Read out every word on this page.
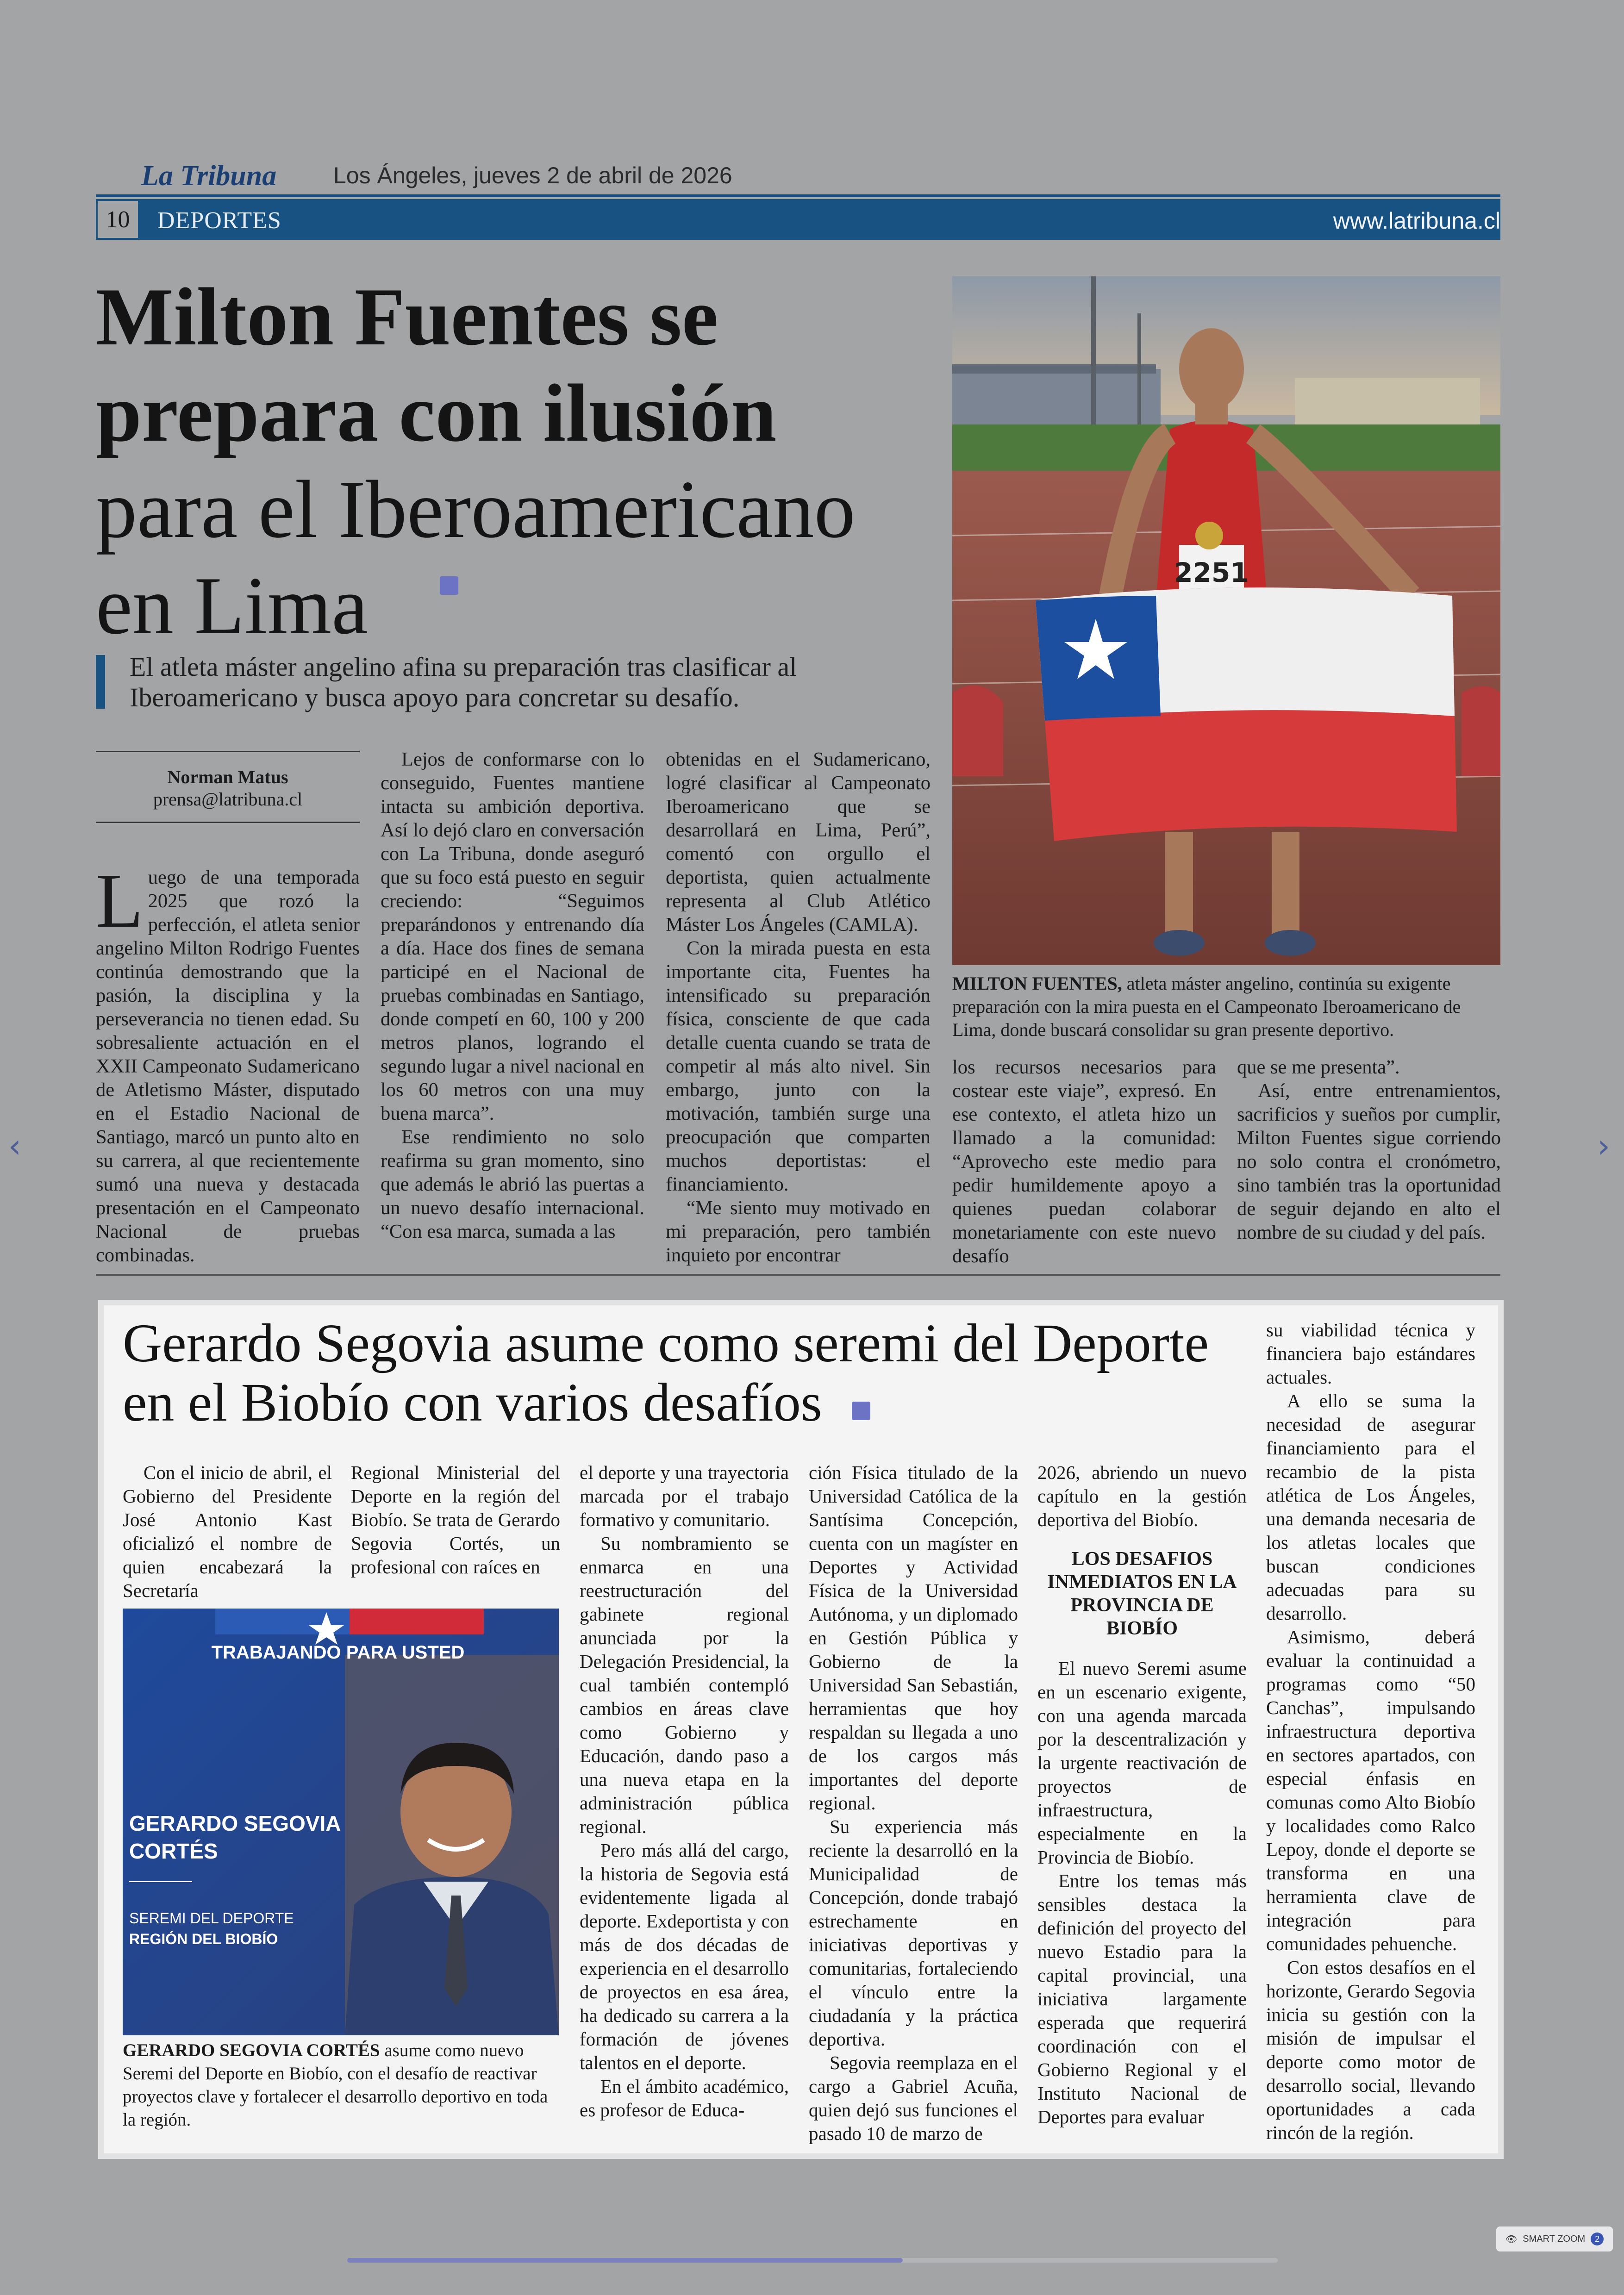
La Tribuna Los Ángeles, jueves 2 de abril de 2026
10 DEPORTES	www.latribuna.cl
Milton Fuentes se
prepara con ilusión
para el Iberoamericano
en Lima
El atleta máster angelino afina su preparación tras clasificar al Iberoamericano y busca apoyo para concretar su desafío.
Norman Matus
prensa@latribuna.cl

Luego de una temporada 2025 que rozó la perfección, el atleta senior angelino Milton Rodrigo Fuentes continúa demostrando que la pasión, la disciplina y la perseverancia no tienen edad. Su sobresaliente actuación en el XXII Campeonato Sudamericano de Atletismo Máster, disputado en el Estadio Nacional de Santiago, marcó un punto alto en su carrera, al que recientemente sumó una nueva y destacada presentación en el Campeonato Nacional de pruebas combinadas.

Lejos de conformarse con lo conseguido, Fuentes mantiene intacta su ambición deportiva. Así lo dejó claro en conversación con La Tribuna, donde aseguró que su foco está puesto en seguir creciendo: “Seguimos preparándonos y entrenando día a día. Hace dos fines de semana participé en el Nacional de pruebas combinadas en Santiago, donde competí en 60, 100 y 200 metros planos, logrando el segundo lugar a nivel nacional en los 60 metros con una muy buena marca”.

Ese rendimiento no solo reafirma su gran momento, sino que además le abrió las puertas a un nuevo desafío internacional. “Con esa marca, sumada a las

obtenidas en el Sudamericano, logré clasificar al Campeonato Iberoamericano que se desarrollará en Lima, Perú”, comentó con orgullo el deportista, quien actualmente representa al Club Atlético Máster Los Ángeles (CAMLA).

Con la mirada puesta en esta importante cita, Fuentes ha intensificado su preparación física, consciente de que cada detalle cuenta cuando se trata de competir al más alto nivel. Sin embargo, junto con la motivación, también surge una preocupación que comparten muchos deportistas: el financiamiento.

“Me siento muy motivado en mi preparación, pero también inquieto por encontrar

2251
MILTON FUENTES, atleta máster angelino, continúa su exigente preparación con la mira puesta en el Campeonato Iberoamericano de Lima, donde buscará consolidar su gran presente deportivo.

los recursos necesarios para costear este viaje”, expresó. En ese contexto, el atleta hizo un llamado a la comunidad: “Aprovecho este medio para pedir humildemente apoyo a quienes puedan colaborar monetariamente con este nuevo desafío

que se me presenta”.

Así, entre entrenamientos, sacrificios y sueños por cumplir, Milton Fuentes sigue corriendo no solo contra el cronómetro, sino también tras la oportunidad de seguir dejando en alto el nombre de su ciudad y del país.

Gerardo Segovia asume como seremi del Deporte
en el Biobío con varios desafíos

Con el inicio de abril, el Gobierno del Presidente José Antonio Kast oficializó el nombre de quien encabezará la Secretaría

Regional Ministerial del Deporte en la región del Biobío. Se trata de Gerardo Segovia Cortés, un profesional con raíces en

TRABAJANDO PARA USTED
GERARDO SEGOVIA
CORTÉS
SEREMI DEL DEPORTE
REGIÓN DEL BIOBÍO
GERARDO SEGOVIA CORTÉS asume como nuevo Seremi del Deporte en Biobío, con el desafío de reactivar proyectos clave y fortalecer el desarrollo deportivo en toda la región.

el deporte y una trayectoria marcada por el trabajo formativo y comunitario.

Su nombramiento se enmarca en una reestructuración del gabinete regional anunciada por la Delegación Presidencial, la cual también contempló cambios en áreas clave como Gobierno y Educación, dando paso a una nueva etapa en la administración pública regional.

Pero más allá del cargo, la historia de Segovia está evidentemente ligada al deporte. Exdeportista y con más de dos décadas de experiencia en el desarrollo de proyectos en esa área, ha dedicado su carrera a la formación de jóvenes talentos en el deporte.

En el ámbito académico, es profesor de Educa-

ción Física titulado de la Universidad Católica de la Santísima Concepción, cuenta con un magíster en Deportes y Actividad Física de la Universidad Autónoma, y un diplomado en Gestión Pública y Gobierno de la Universidad San Sebastián, herramientas que hoy respaldan su llegada a uno de los cargos más importantes del deporte regional.

Su experiencia más reciente la desarrolló en la Municipalidad de Concepción, donde trabajó estrechamente en iniciativas deportivas y comunitarias, fortaleciendo el vínculo entre la ciudadanía y la práctica deportiva.

Segovia reemplaza en el cargo a Gabriel Acuña, quien dejó sus funciones el pasado 10 de marzo de

2026, abriendo un nuevo capítulo en la gestión deportiva del Biobío.

LOS DESAFIOS INMEDIATOS EN LA PROVINCIA DE BIOBÍO

El nuevo Seremi asume en un escenario exigente, con una agenda marcada por la descentralización y la urgente reactivación de proyectos de infraestructura, especialmente en la Provincia de Biobío.

Entre los temas más sensibles destaca la definición del proyecto del nuevo Estadio para la capital provincial, una iniciativa largamente esperada que requerirá coordinación con el Gobierno Regional y el Instituto Nacional de Deportes para evaluar

su viabilidad técnica y financiera bajo estándares actuales.

A ello se suma la necesidad de asegurar financiamiento para el recambio de la pista atlética de Los Ángeles, una demanda necesaria de los atletas locales que buscan condiciones adecuadas para su desarrollo.

Asimismo, deberá evaluar la continuidad a programas como “50 Canchas”, impulsando infraestructura deportiva en sectores apartados, con especial énfasis en comunas como Alto Biobío y localidades como Ralco Lepoy, donde el deporte se transforma en una herramienta clave de integración para comunidades pehuenche.

Con estos desafíos en el horizonte, Gerardo Segovia inicia su gestión con la misión de impulsar el deporte como motor de desarrollo social, llevando oportunidades a cada rincón de la región.

‹	›
👁 SMART ZOOM	2
